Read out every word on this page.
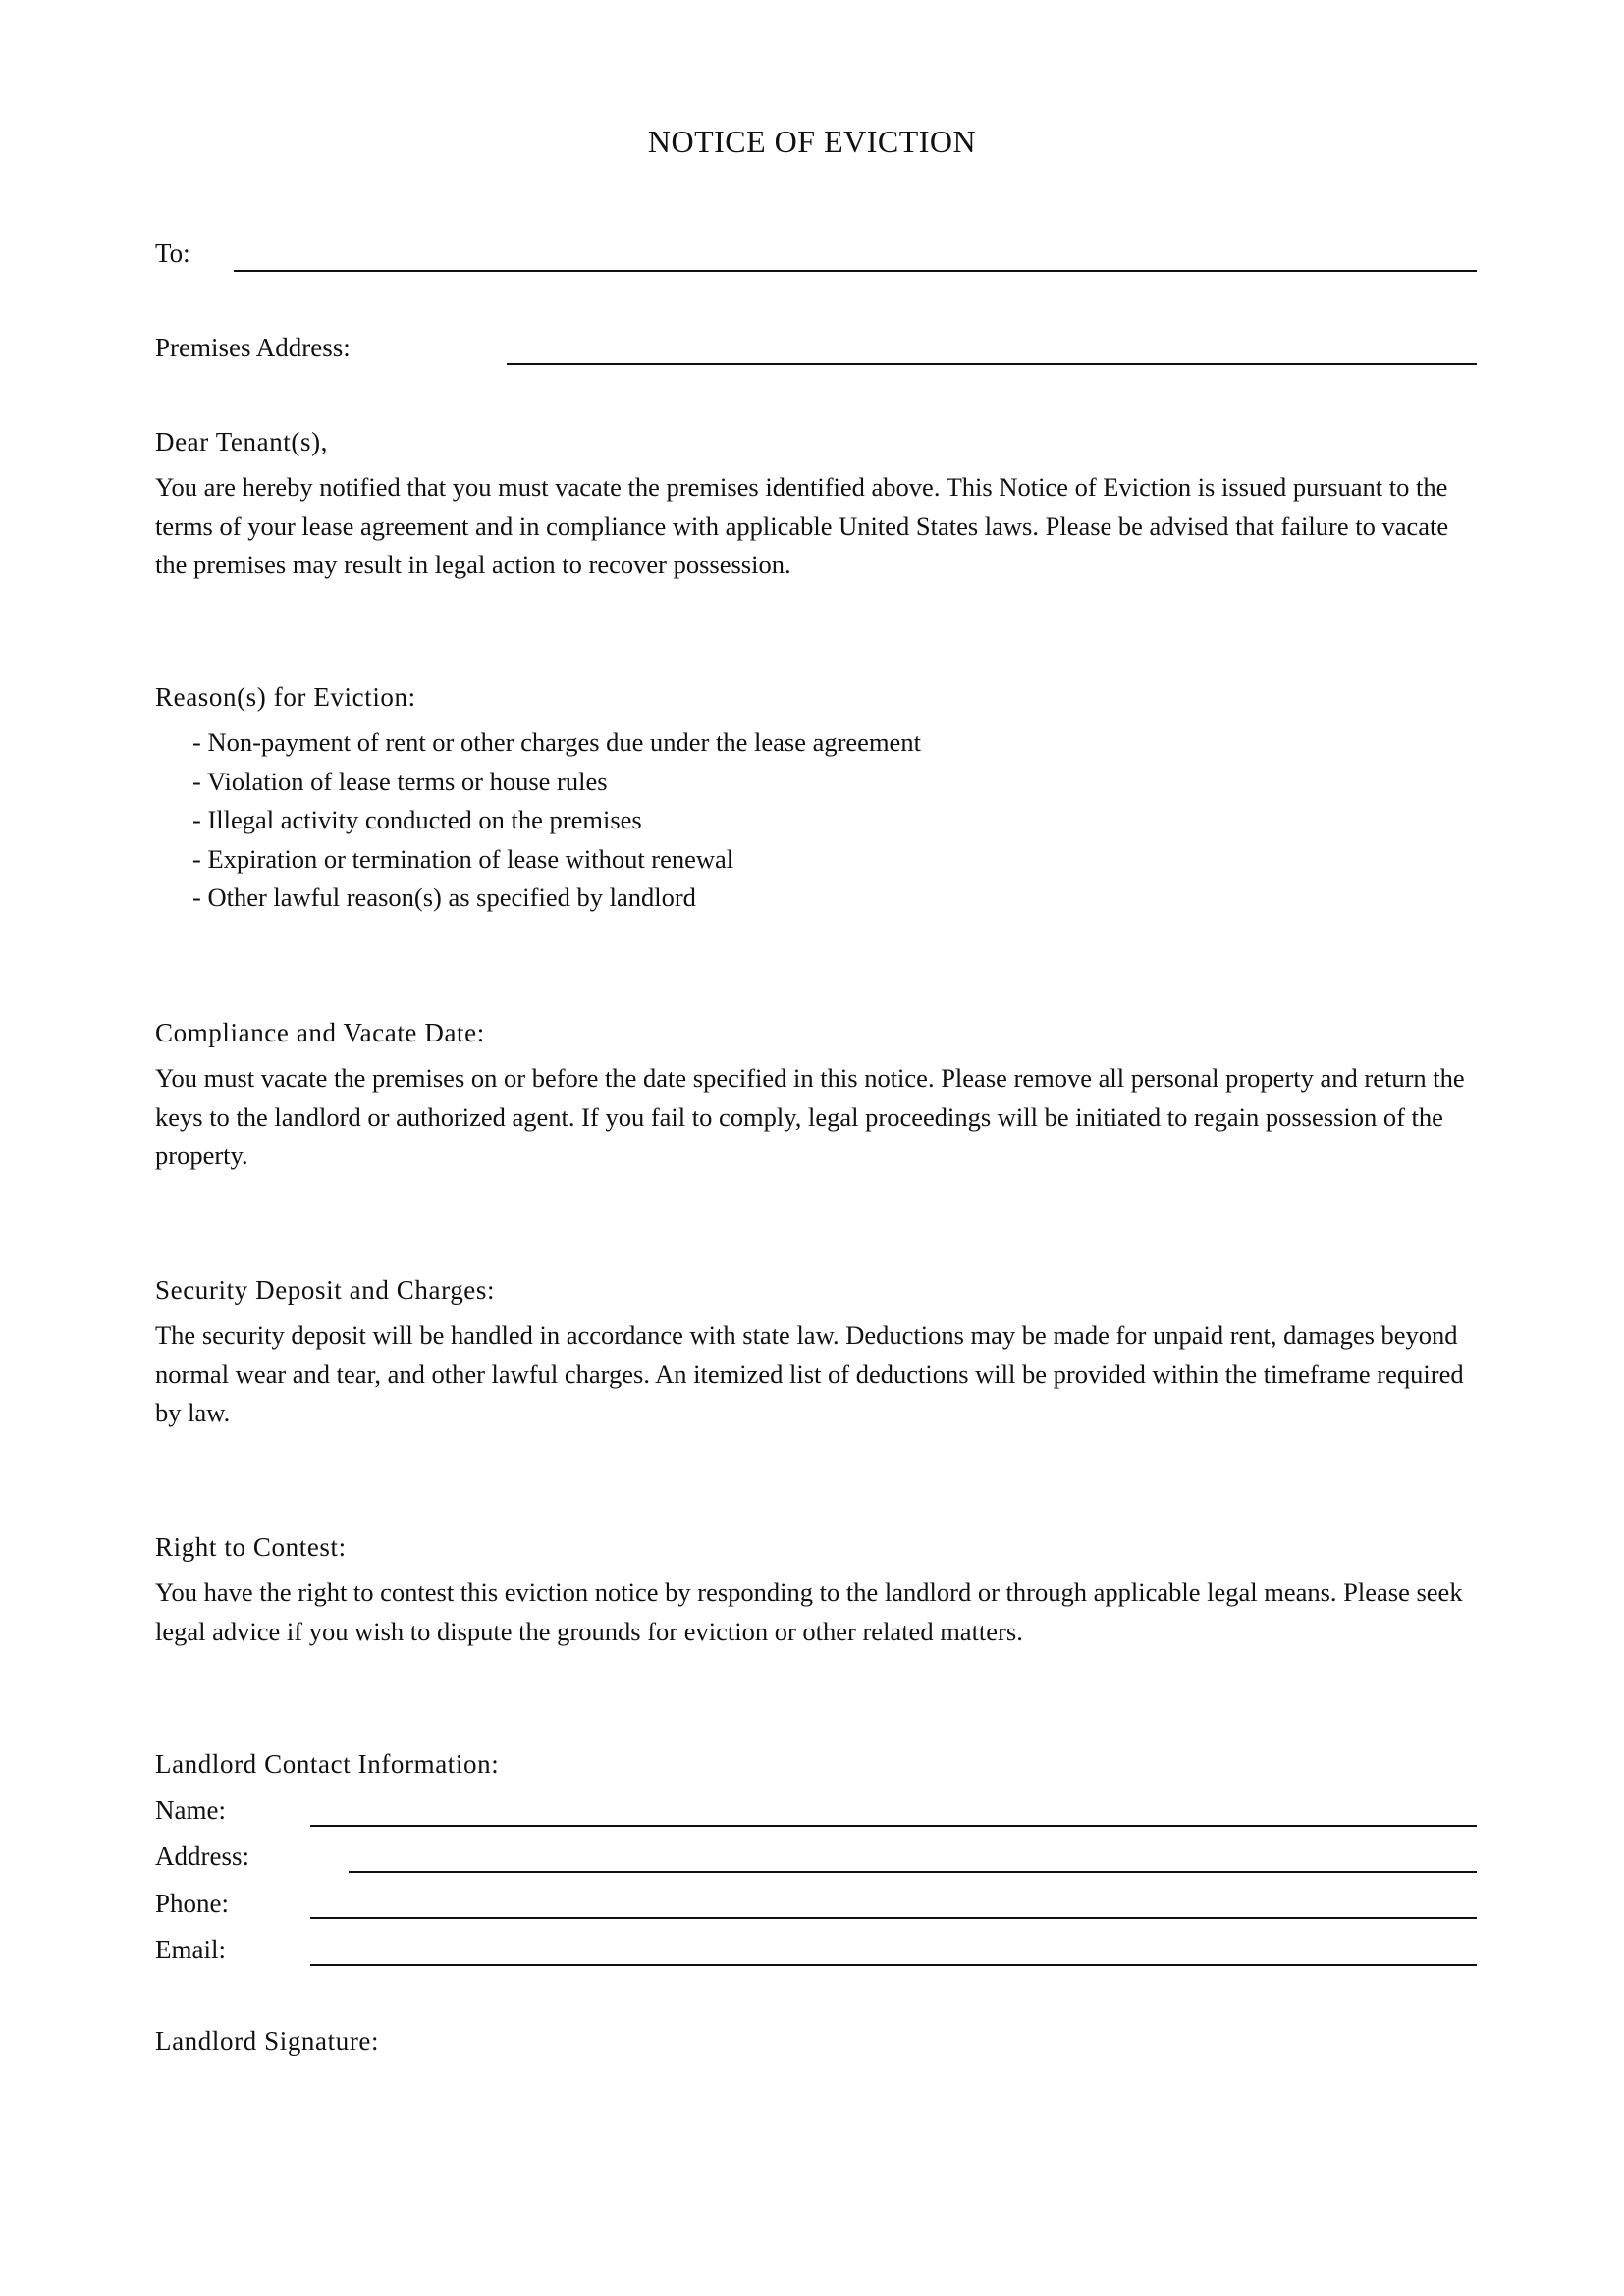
NOTICE OF EVICTION
To:
Premises Address:
Dear Tenant(s),

You are hereby notified that you must vacate the premises identified above. This Notice of Eviction is issued pursuant to the terms of your lease agreement and in compliance with applicable United States laws. Please be advised that failure to vacate the premises may result in legal action to recover possession.

Reason(s) for Eviction:
- Non-payment of rent or other charges due under the lease agreement
- Violation of lease terms or house rules
- Illegal activity conducted on the premises
- Expiration or termination of lease without renewal
- Other lawful reason(s) as specified by landlord
Compliance and Vacate Date:

You must vacate the premises on or before the date specified in this notice. Please remove all personal property and return the keys to the landlord or authorized agent. If you fail to comply, legal proceedings will be initiated to regain possession of the property.

Security Deposit and Charges:

The security deposit will be handled in accordance with state law. Deductions may be made for unpaid rent, damages beyond normal wear and tear, and other lawful charges. An itemized list of deductions will be provided within the timeframe required by law.

Right to Contest:

You have the right to contest this eviction notice by responding to the landlord or through applicable legal means. Please seek legal advice if you wish to dispute the grounds for eviction or other related matters.

Landlord Contact Information:
Name:
Address:
Phone:
Email:
Landlord Signature:
